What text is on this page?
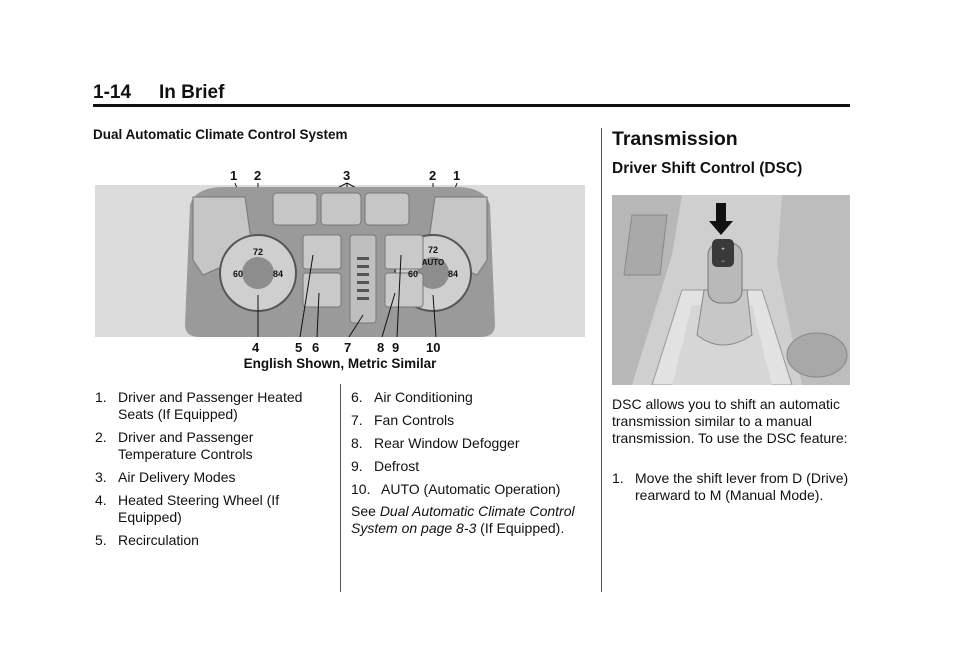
1-14 In Brief
Dual Automatic Climate Control System
1 2	3	2 1
72
60	84
72
AUTO
60	84
4	5 6 7 8 9 10
English Shown, Metric Similar
1. Driver and Passenger Heated Seats (If Equipped)
2. Driver and Passenger Temperature Controls
3. Air Delivery Modes
4. Heated Steering Wheel (If Equipped)
5. Recirculation
6. Air Conditioning
7. Fan Controls
8. Rear Window Defogger
9. Defrost
10. AUTO (Automatic Operation)
See Dual Automatic Climate Control System on page 8-3 (If Equipped).
Transmission
Driver Shift Control (DSC)
+
−
DSC allows you to shift an automatic transmission similar to a manual transmission. To use the DSC feature:
1. Move the shift lever from D (Drive) rearward to M (Manual Mode).
